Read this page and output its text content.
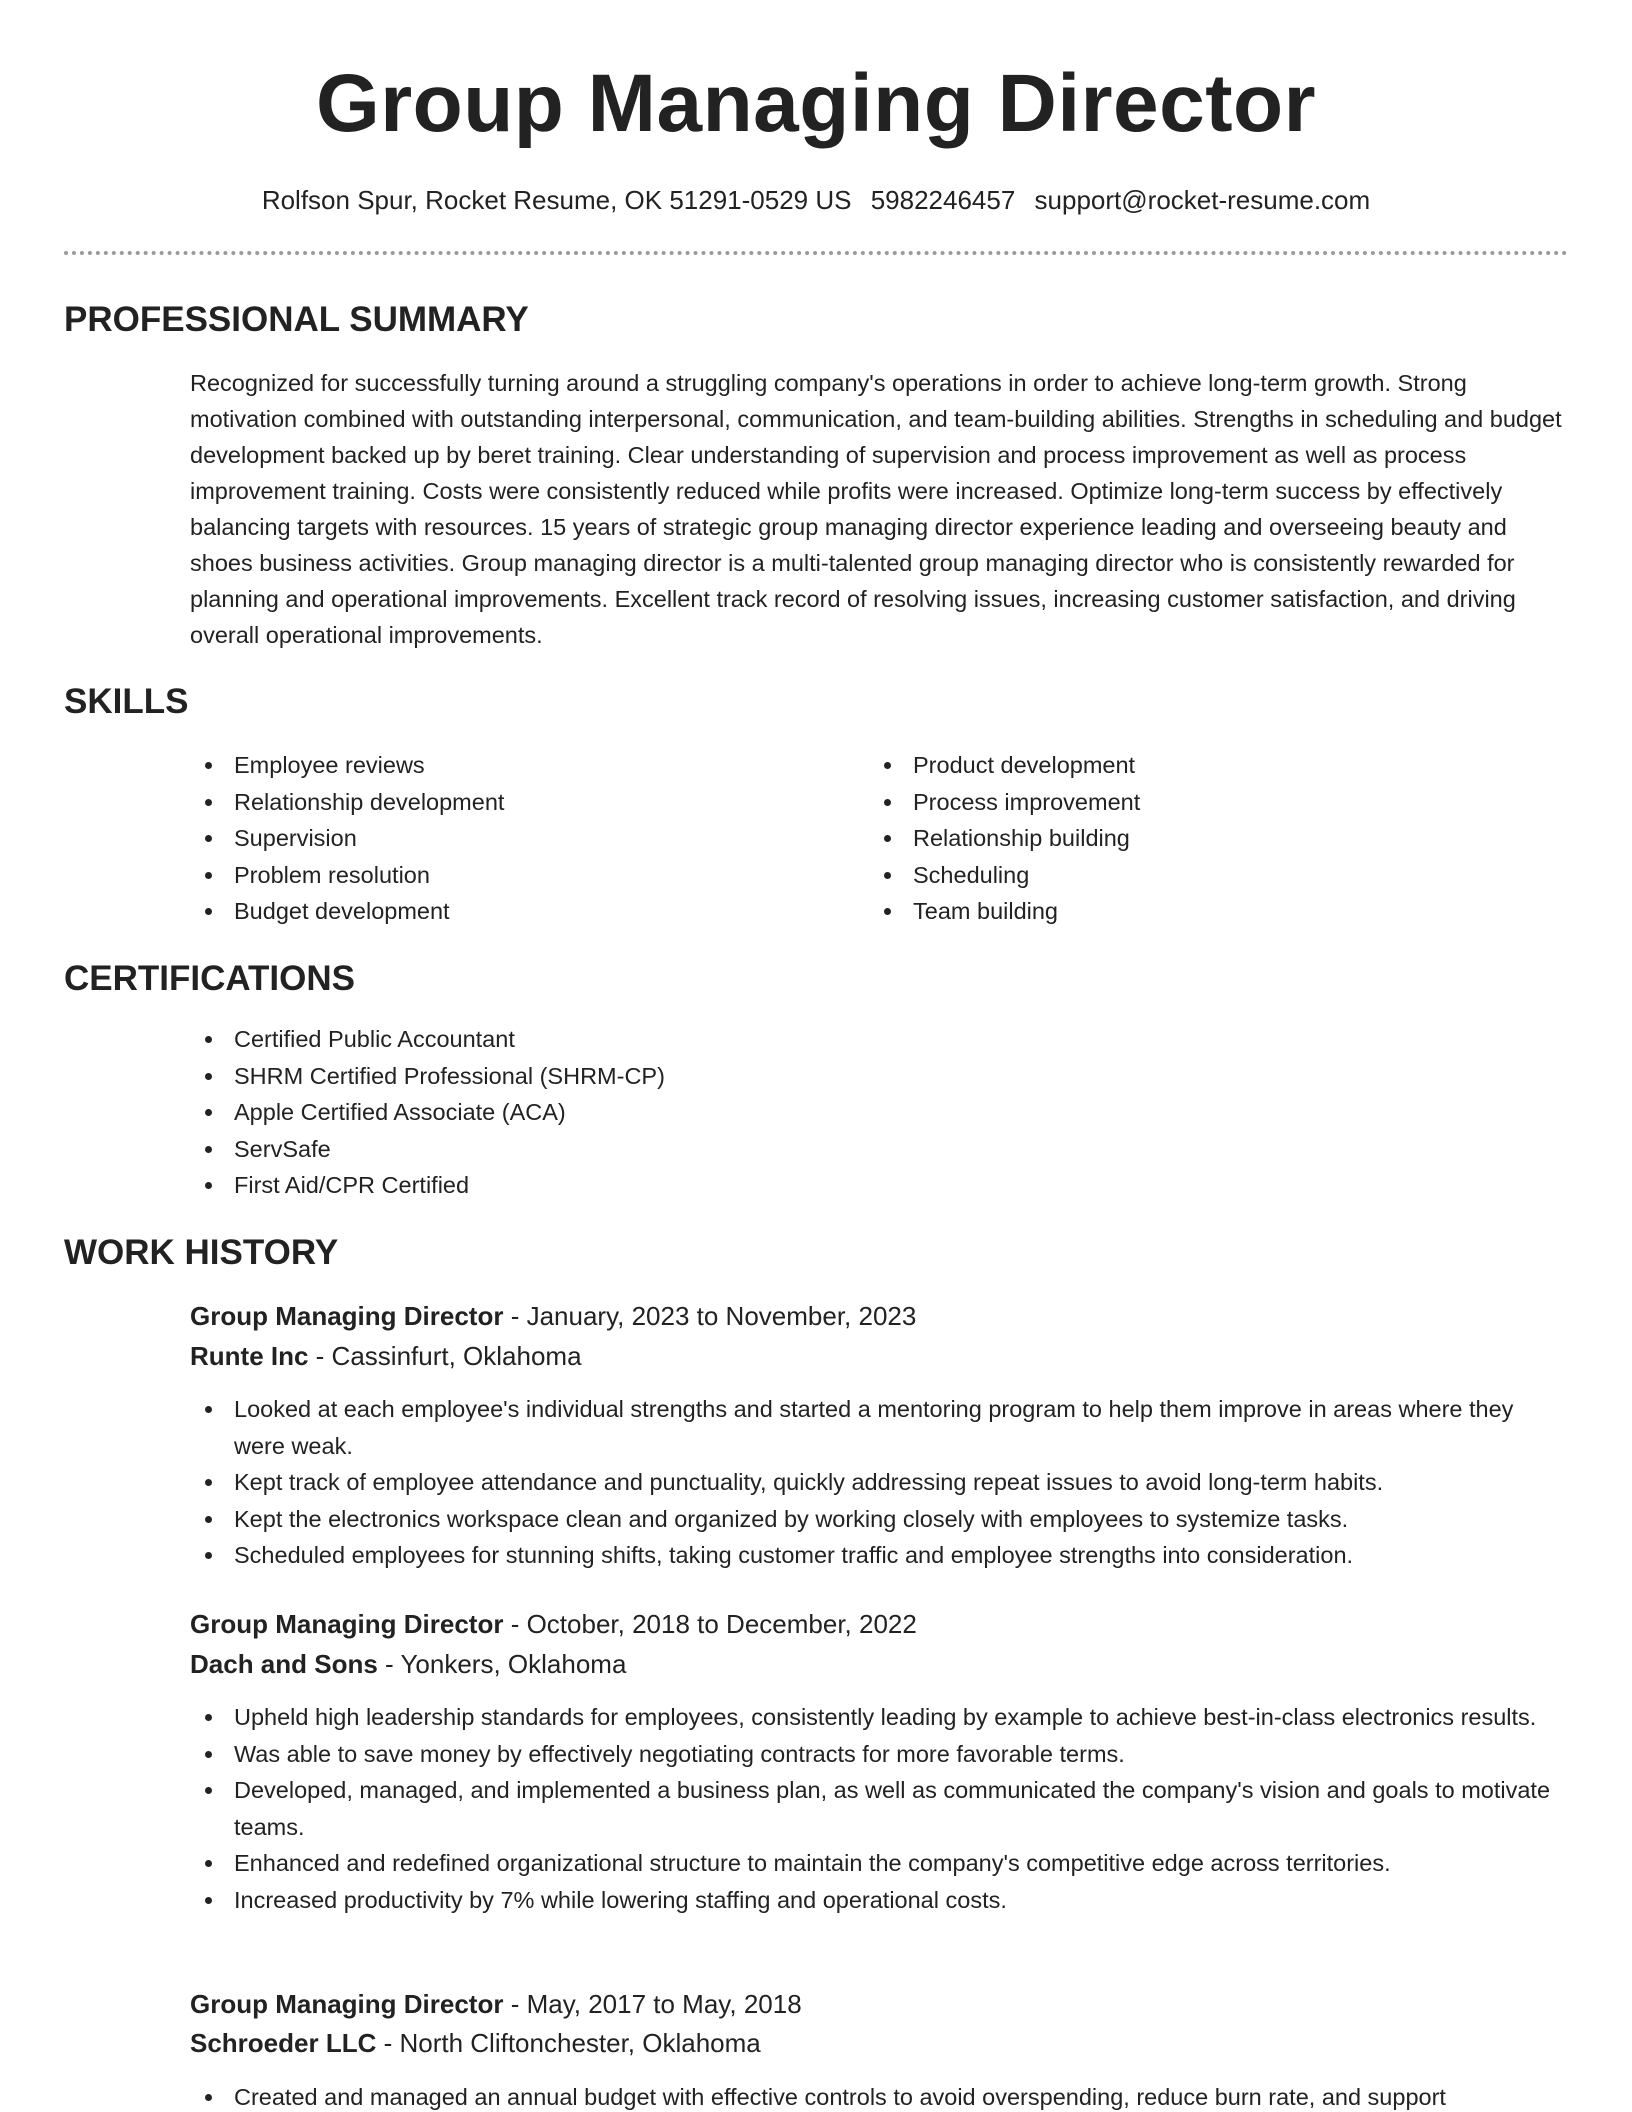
Group Managing Director
Rolfson Spur, Rocket Resume, OK 51291-0529 US 5982246457 support@rocket-resume.com
PROFESSIONAL SUMMARY
Recognized for successfully turning around a struggling company's operations in order to achieve long-term growth. Strong motivation combined with outstanding interpersonal, communication, and team-building abilities. Strengths in scheduling and budget development backed up by beret training. Clear understanding of supervision and process improvement as well as process improvement training. Costs were consistently reduced while profits were increased. Optimize long-term success by effectively balancing targets with resources. 15 years of strategic group managing director experience leading and overseeing beauty and shoes business activities. Group managing director is a multi-talented group managing director who is consistently rewarded for planning and operational improvements. Excellent track record of resolving issues, increasing customer satisfaction, and driving overall operational improvements.
SKILLS
Employee reviews
Relationship development
Supervision
Problem resolution
Budget development
Product development
Process improvement
Relationship building
Scheduling
Team building
CERTIFICATIONS
Certified Public Accountant
SHRM Certified Professional (SHRM-CP)
Apple Certified Associate (ACA)
ServSafe
First Aid/CPR Certified
WORK HISTORY
Group Managing Director - January, 2023 to November, 2023
Runte Inc - Cassinfurt, Oklahoma
Looked at each employee's individual strengths and started a mentoring program to help them improve in areas where they were weak.
Kept track of employee attendance and punctuality, quickly addressing repeat issues to avoid long-term habits.
Kept the electronics workspace clean and organized by working closely with employees to systemize tasks.
Scheduled employees for stunning shifts, taking customer traffic and employee strengths into consideration.
Group Managing Director - October, 2018 to December, 2022
Dach and Sons - Yonkers, Oklahoma
Upheld high leadership standards for employees, consistently leading by example to achieve best-in-class electronics results.
Was able to save money by effectively negotiating contracts for more favorable terms.
Developed, managed, and implemented a business plan, as well as communicated the company's vision and goals to motivate teams.
Enhanced and redefined organizational structure to maintain the company's competitive edge across territories.
Increased productivity by 7% while lowering staffing and operational costs.
Group Managing Director - May, 2017 to May, 2018
Schroeder LLC - North Cliftonchester, Oklahoma
Created and managed an annual budget with effective controls to avoid overspending, reduce burn rate, and support
